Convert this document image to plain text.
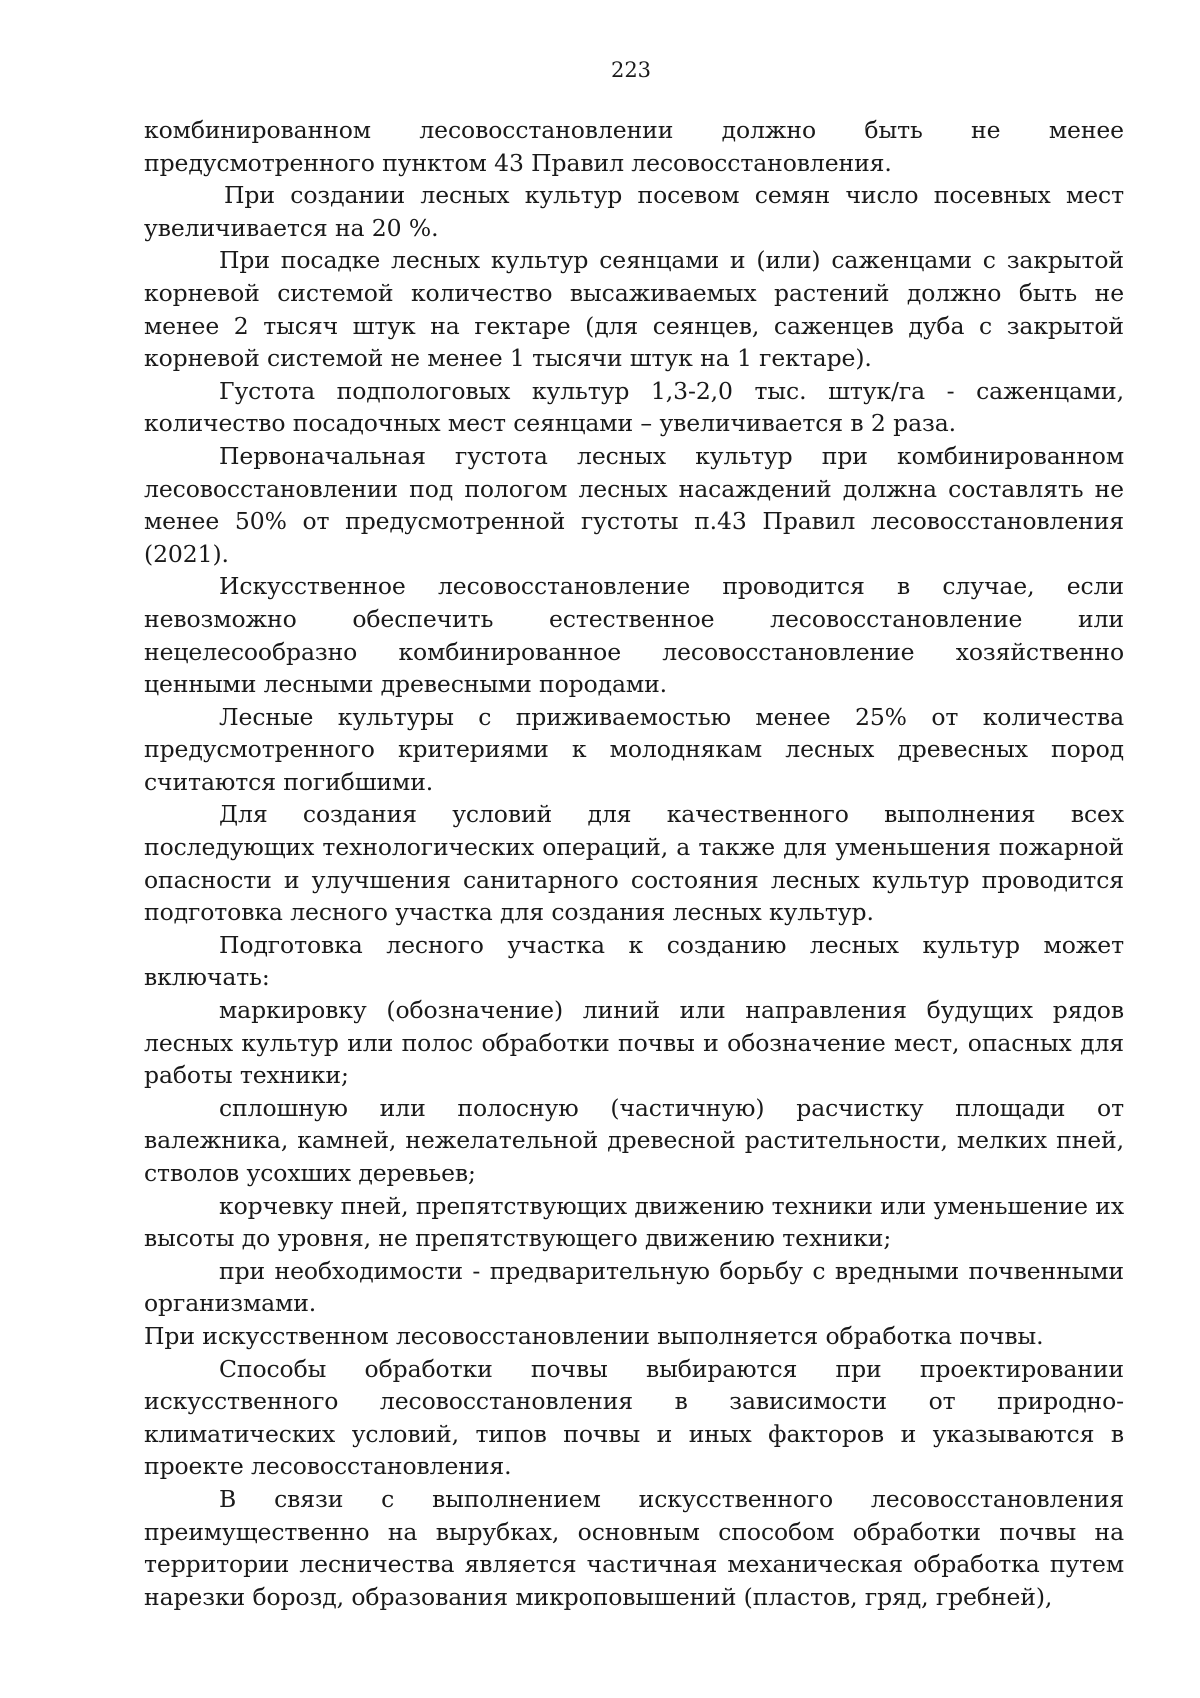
223

комбинированном лесовосстановлении должно быть не менее предусмотренного пунктом 43 Правил лесовосстановления.

При создании лесных культур посевом семян число посевных мест увеличивается на 20 %.

При посадке лесных культур сеянцами и (или) саженцами с закрытой корневой системой количество высаживаемых растений должно быть не менее 2 тысяч штук на гектаре (для сеянцев, саженцев дуба с закрытой корневой системой не менее 1 тысячи штук на 1 гектаре).

Густота подпологовых культур 1,3-2,0 тыс. штук/га - саженцами, количество посадочных мест сеянцами – увеличивается в 2 раза.

Первоначальная густота лесных культур при комбинированном лесовосстановлении под пологом лесных насаждений должна составлять не менее 50% от предусмотренной густоты п.43 Правил лесовосстановления (2021).

Искусственное лесовосстановление проводится в случае, если невозможно обеспечить естественное лесовосстановление или нецелесообразно комбинированное лесовосстановление хозяйственно ценными лесными древесными породами.

Лесные культуры с приживаемостью менее 25% от количества предусмотренного критериями к молоднякам лесных древесных пород считаются погибшими.

Для создания условий для качественного выполнения всех последующих технологических операций, а также для уменьшения пожарной опасности и улучшения санитарного состояния лесных культур проводится подготовка лесного участка для создания лесных культур.

Подготовка лесного участка к созданию лесных культур может включать:

маркировку (обозначение) линий или направления будущих рядов лесных культур или полос обработки почвы и обозначение мест, опасных для работы техники;

сплошную или полосную (частичную) расчистку площади от валежника, камней, нежелательной древесной растительности, мелких пней, стволов усохших деревьев;

корчевку пней, препятствующих движению техники или уменьшение их высоты до уровня, не препятствующего движению техники;

при необходимости - предварительную борьбу с вредными почвенными организмами.

При искусственном лесовосстановлении выполняется обработка почвы.

Способы обработки почвы выбираются при проектировании искусственного лесовосстановления в зависимости от природно-климатических условий, типов почвы и иных факторов и указываются в проекте лесовосстановления.

В связи с выполнением искусственного лесовосстановления преимущественно на вырубках, основным способом обработки почвы на территории лесничества является частичная механическая обработка путем нарезки борозд, образования микроповышений (пластов, гряд, гребней),
